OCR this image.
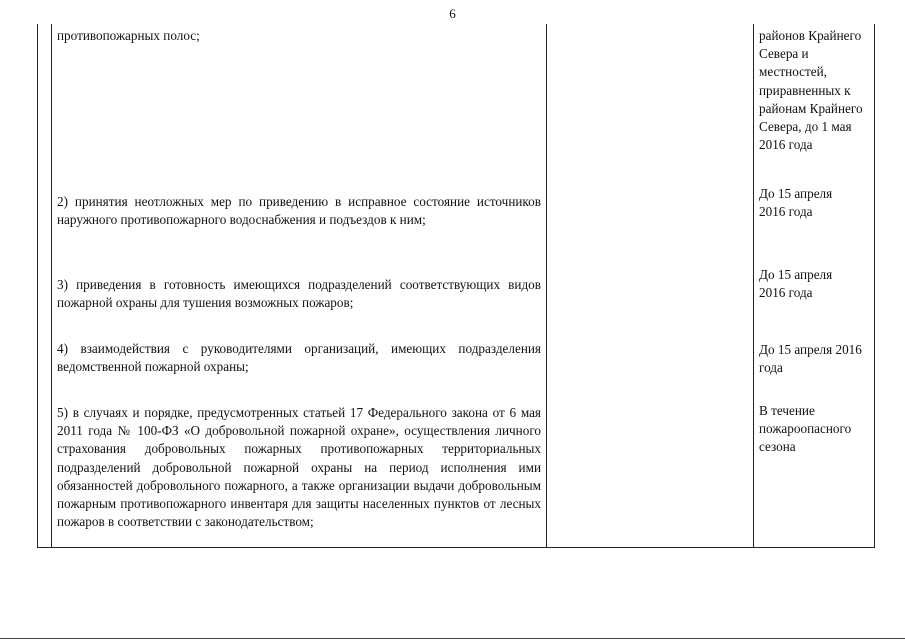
6
противопожарных полос;	районов Крайнего Севера и местностей, приравненных к районам Крайнего Севера, до 1 мая 2016 года
2) принятия неотложных мер по приведению в исправное состояние источников наружного противопожарного водоснабжения и подъездов к ним;
До 15 апреля 2016 года
3) приведения в готовность имеющихся подразделений соответствующих видов пожарной охраны для тушения возможных пожаров;
До 15 апреля 2016 года
4) взаимодействия с руководителями организаций, имеющих подразделения ведомственной пожарной охраны;
До 15 апреля 2016 года
5) в случаях и порядке, предусмотренных статьей 17 Федерального закона от 6 мая 2011 года № 100-ФЗ «О добровольной пожарной охране», осуществления личного страхования добровольных пожарных противопожарных территориальных подразделений добровольной пожарной охраны на период исполнения ими обязанностей добровольного пожарного, а также организации выдачи добровольным пожарным противопожарного инвентаря для защиты населенных пунктов от лесных пожаров в соответствии с законодательством;
В течение пожароопасного сезона
